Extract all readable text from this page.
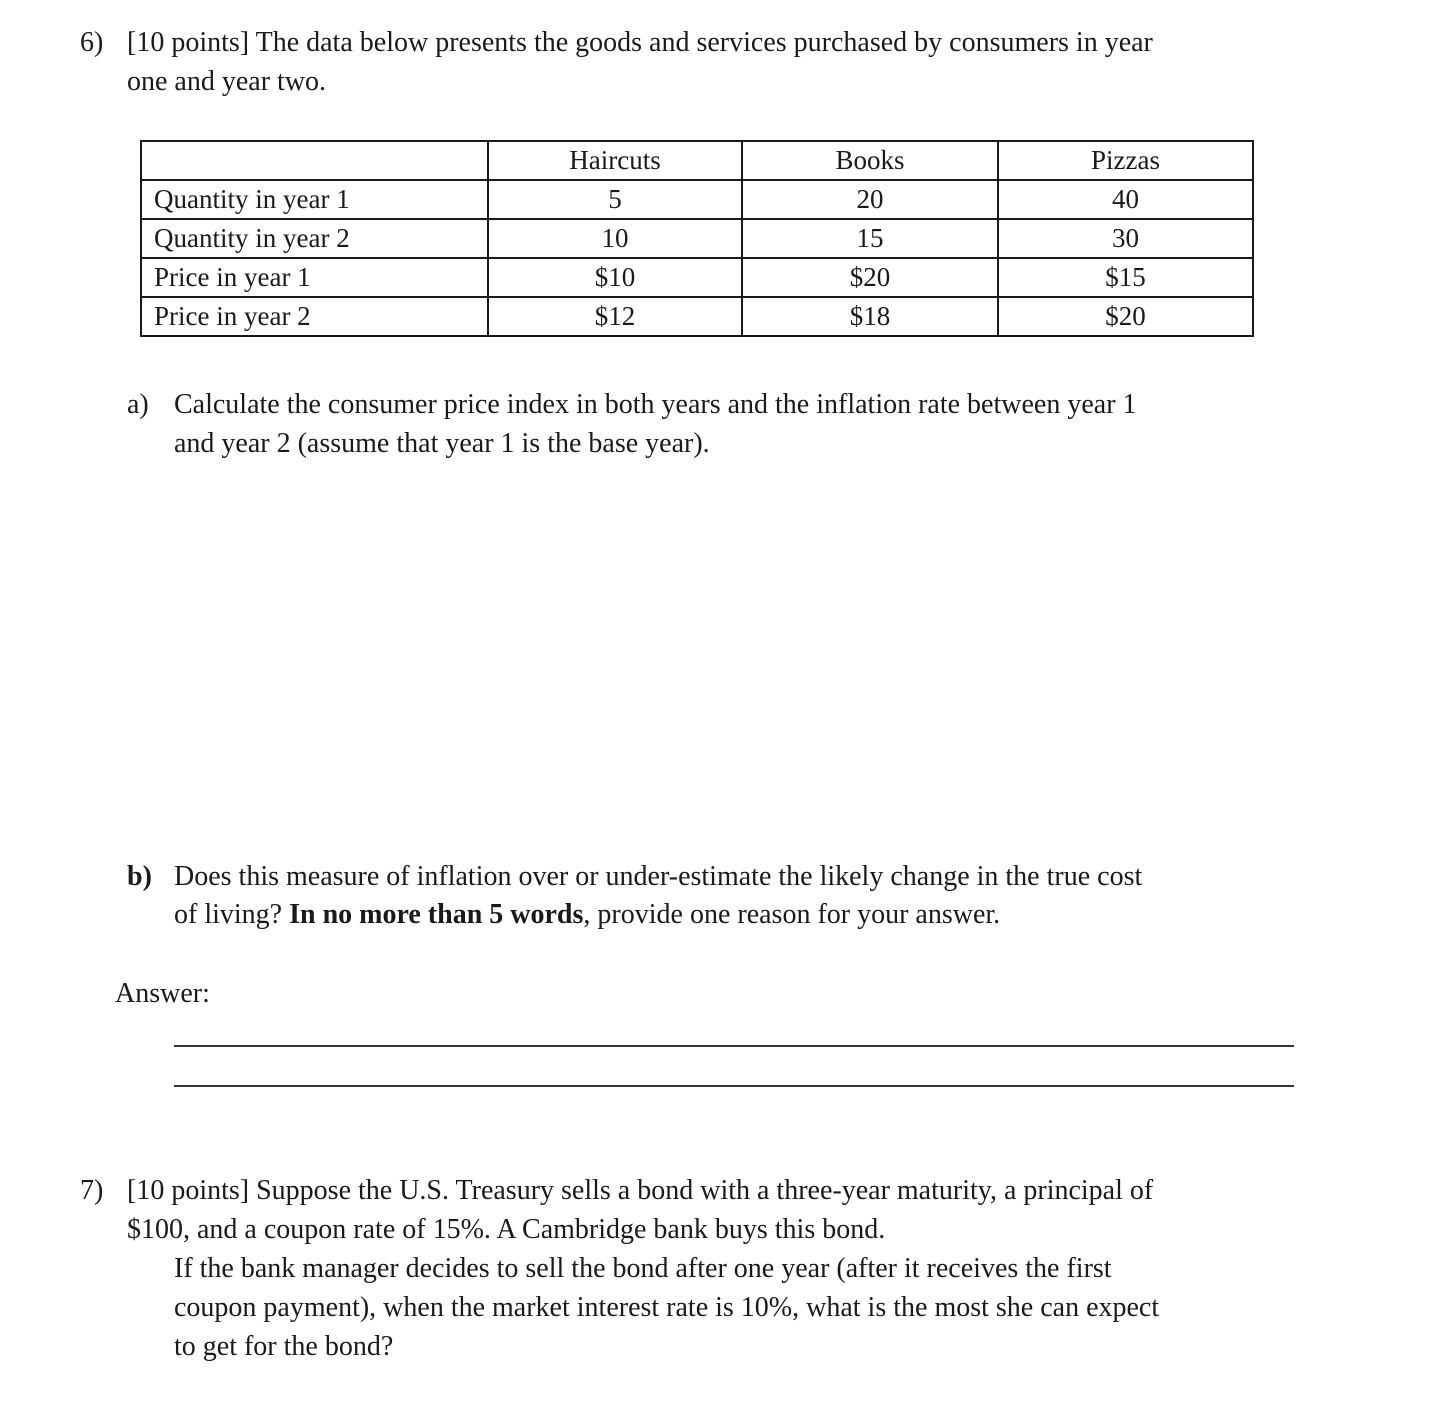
6) [10 points] The data below presents the goods and services purchased by consumers in year
one and year two.
	Haircuts	Books	Pizzas
Quantity in year 1	5	20	40
Quantity in year 2	10	15	30
Price in year 1	$10	$20	$15
Price in year 2	$12	$18	$20
a) Calculate the consumer price index in both years and the inflation rate between year 1
and year 2 (assume that year 1 is the base year).
b) Does this measure of inflation over or under-estimate the likely change in the true cost
of living? In no more than 5 words, provide one reason for your answer.
Answer:
7) [10 points] Suppose the U.S. Treasury sells a bond with a three-year maturity, a principal of
$100, and a coupon rate of 15%. A Cambridge bank buys this bond.
If the bank manager decides to sell the bond after one year (after it receives the first
coupon payment), when the market interest rate is 10%, what is the most she can expect
to get for the bond?
